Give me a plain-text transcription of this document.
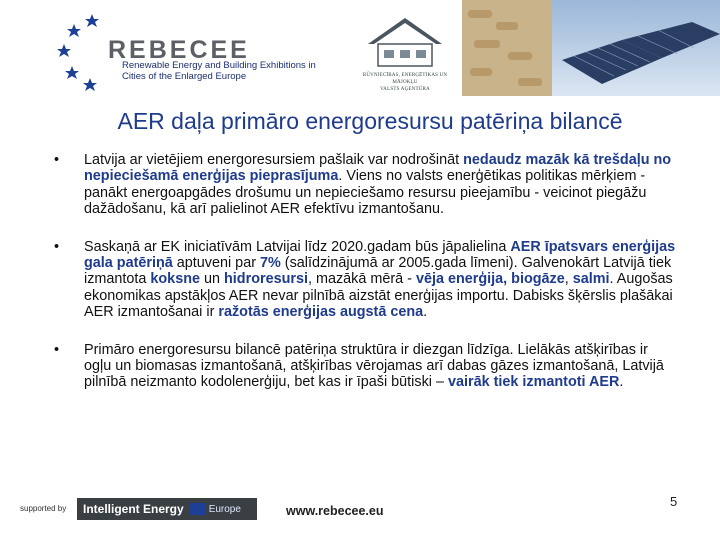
REBECEE
Renewable Energy and Building Exhibitions in
Cities of the Enlarged Europe	BŪVNIECĪBAS, ENERĢĒTIKAS UN MĀJOKĻU
VALSTS AĢENTŪRA
AER daļa primāro energoresursu patēriņa bilancē
• Latvija ar vietējiem energoresursiem pašlaik var nodrošināt nedaudz mazāk kā trešdaļu no nepieciešamā enerģijas pieprasījuma. Viens no valsts enerģētikas politikas mērķiem - panākt energoapgādes drošumu un nepieciešamo resursu pieejamību - veicinot piegāžu dažādošanu, kā arī palielinot AER efektīvu izmantošanu.
• Saskaņā ar EK iniciatīvām Latvijai līdz 2020.gadam būs jāpalielina AER īpatsvars enerģijas gala patēriņā aptuveni par 7% (salīdzinājumā ar 2005.gada līmeni). Galvenokārt Latvijā tiek izmantota koksne un hidroresursi, mazākā mērā - vēja enerģija, biogāze, salmi. Augošas ekonomikas apstākļos AER nevar pilnībā aizstāt enerģijas importu. Dabisks šķērslis plašākai AER izmantošanai ir ražotās enerģijas augstā cena.
• Primāro energoresursu bilancē patēriņa struktūra ir diezgan līdzīga. Lielākās atšķirības ir ogļu un biomasas izmantošanā, atšķirības vērojamas arī dabas gāzes izmantošanā, Latvijā pilnībā neizmanto kodolenerģiju, bet kas ir īpaši būtiski – vairāk tiek izmantoti AER.
supported by	Intelligent Energy	Europe	www.rebecee.eu
5
